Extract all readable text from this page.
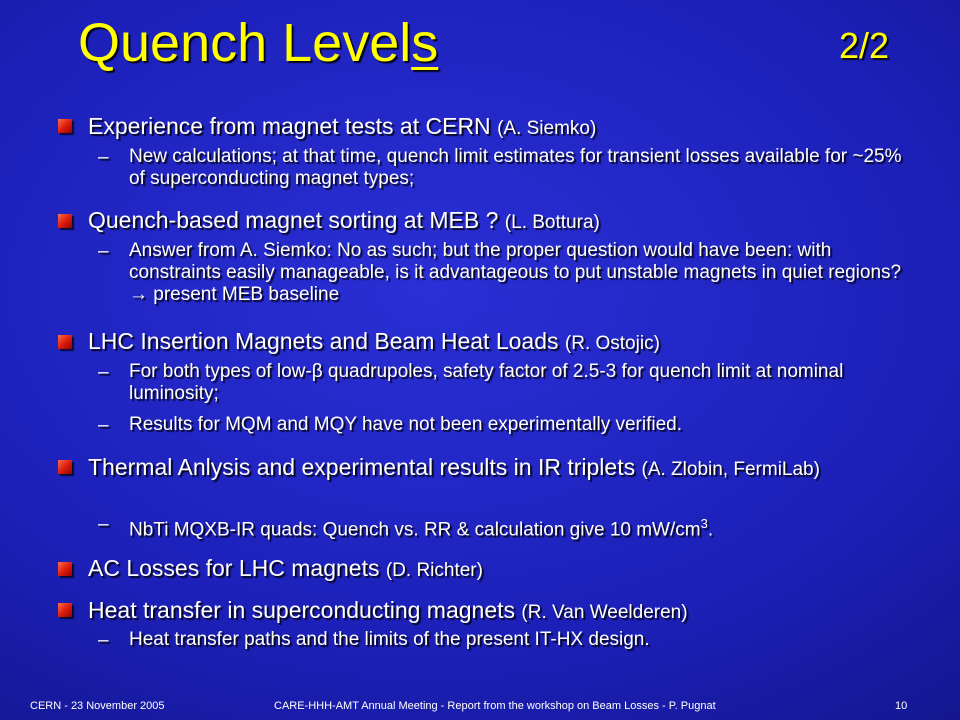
Quench Levels	2/2
Experience from magnet tests at CERN (A. Siemko)
– New calculations; at that time, quench limit estimates for transient losses available for ~25% of superconducting magnet types;
Quench-based magnet sorting at MEB ? (L. Bottura)
– Answer from A. Siemko: No as such; but the proper question would have been: with constraints easily manageable, is it advantageous to put unstable magnets in quiet regions? → present MEB baseline
LHC Insertion Magnets and Beam Heat Loads (R. Ostojic)
– For both types of low-β quadrupoles, safety factor of 2.5-3 for quench limit at nominal luminosity;
– Results for MQM and MQY have not been experimentally verified.
Thermal Anlysis and experimental results in IR triplets (A. Zlobin, FermiLab)
– NbTi MQXB-IR quads: Quench vs. RR & calculation give 10 $mW/cm^3$.
AC Losses for LHC magnets (D. Richter)
Heat transfer in superconducting magnets (R. Van Weelderen)
– Heat transfer paths and the limits of the present IT-HX design.
CERN - 23 November 2005	CARE-HHH-AMT Annual Meeting - Report from the workshop on Beam Losses - P. Pugnat	10
